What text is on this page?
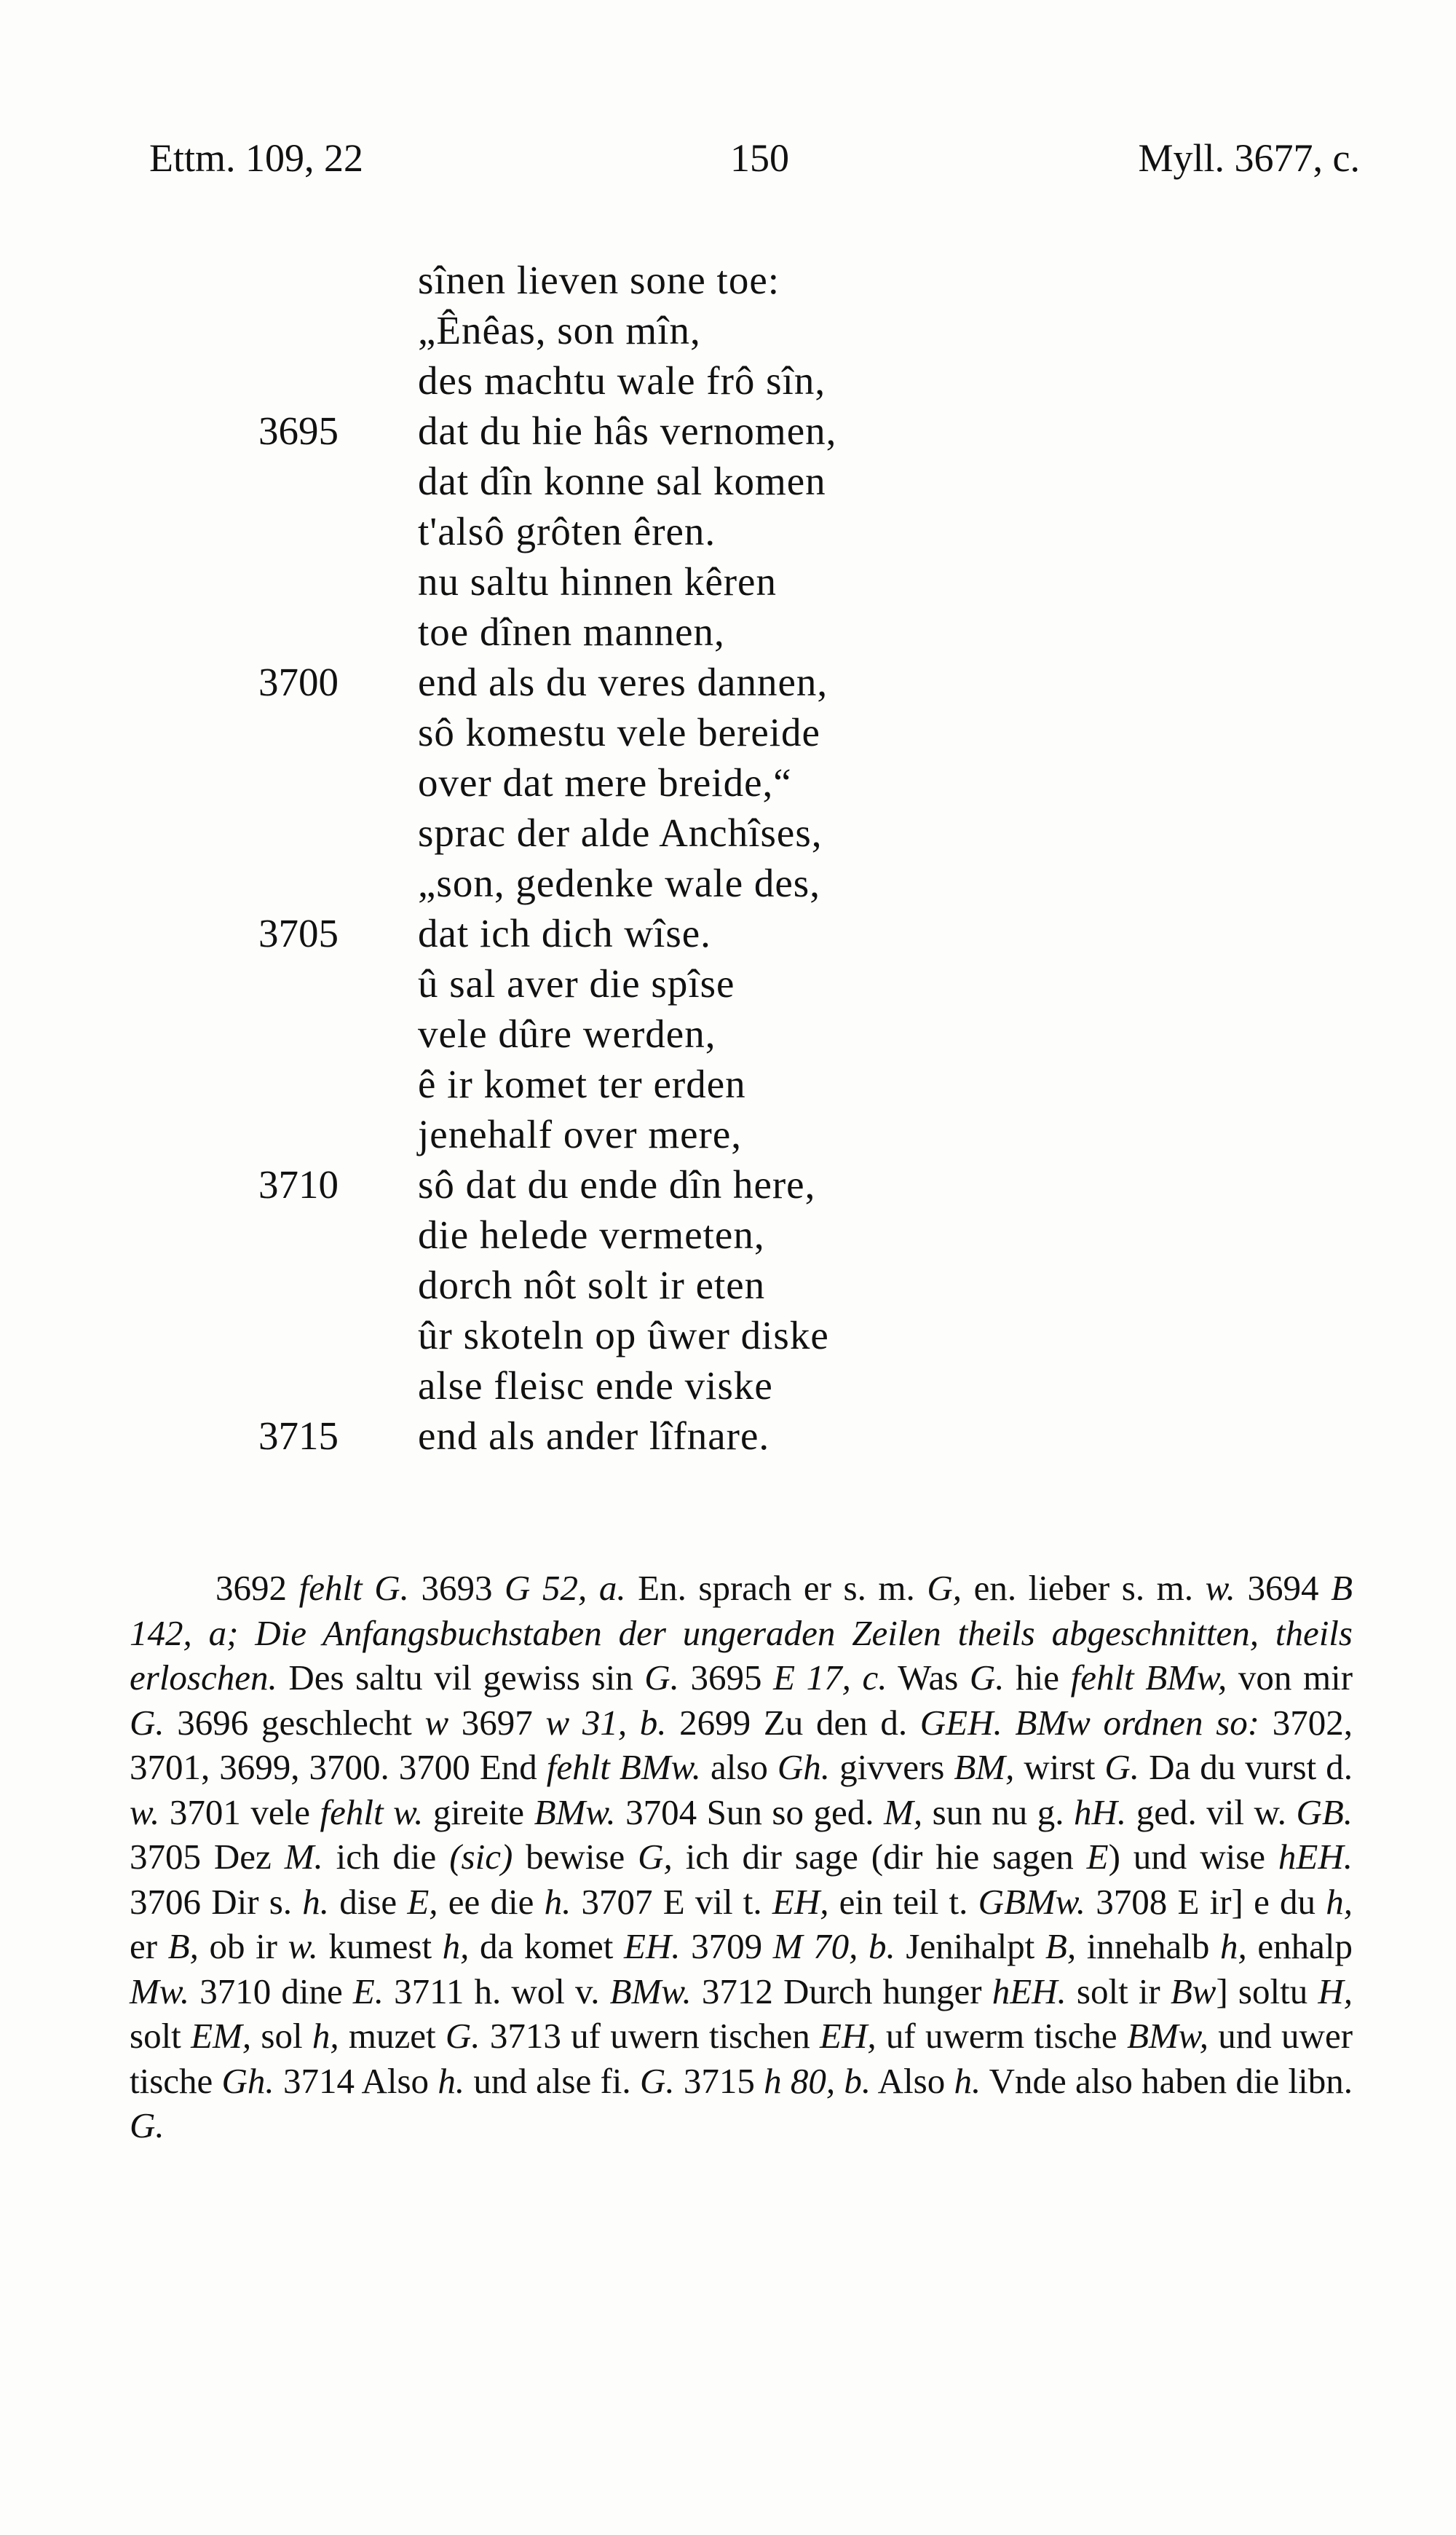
Ettm. 109, 22	150	Myll. 3677, c.
sînen lieven sone toe:
„Ênêas, son mîn,
des machtu wale frô sîn,
3695	dat du hie hâs vernomen,
dat dîn konne sal komen
t'alsô grôten êren.
nu saltu hinnen kêren
toe dînen mannen,
3700	end als du veres dannen,
sô komestu vele bereide
over dat mere breide,“
sprac der alde Anchîses,
„son, gedenke wale des,
3705	dat ich dich wîse.
û sal aver die spîse
vele dûre werden,
ê ir komet ter erden
jenehalf over mere,
3710	sô dat du ende dîn here,
die helede vermeten,
dorch nôt solt ir eten
ûr skoteln op ûwer diske
alse fleisc ende viske
3715	end als ander lîfnare.
3692 fehlt G. 3693 G 52, a. En. sprach er s. m. G, en. lieber s. m. w. 3694 B 142, a; Die Anfangsbuchstaben der ungeraden Zeilen theils abgeschnitten, theils erloschen. Des saltu vil gewiss sin G. 3695 E 17, c. Was G. hie fehlt BMw, von mir G. 3696 geschlecht w 3697 w 31, b. 2699 Zu den d. GEH. BMw ordnen so: 3702, 3701, 3699, 3700. 3700 End fehlt BMw. also Gh. givvers BM, wirst G. Da du vurst d. w. 3701 vele fehlt w. gireite BMw. 3704 Sun so ged. M, sun nu g. hH. ged. vil w. GB. 3705 Dez M. ich die (sic) bewise G, ich dir sage (dir hie sagen E) und wise hEH. 3706 Dir s. h. dise E, ee die h. 3707 E vil t. EH, ein teil t. GBMw. 3708 E ir] e du h, er B, ob ir w. kumest h, da komet EH. 3709 M 70, b. Jenihalpt B, innehalb h, enhalp Mw. 3710 dine E. 3711 h. wol v. BMw. 3712 Durch hunger hEH. solt ir Bw] soltu H, solt EM, sol h, muzet G. 3713 uf uwern tischen EH, uf uwerm tische BMw, und uwer tische Gh. 3714 Also h. und alse fi. G. 3715 h 80, b. Also h. Vnde also haben die libn. G.
